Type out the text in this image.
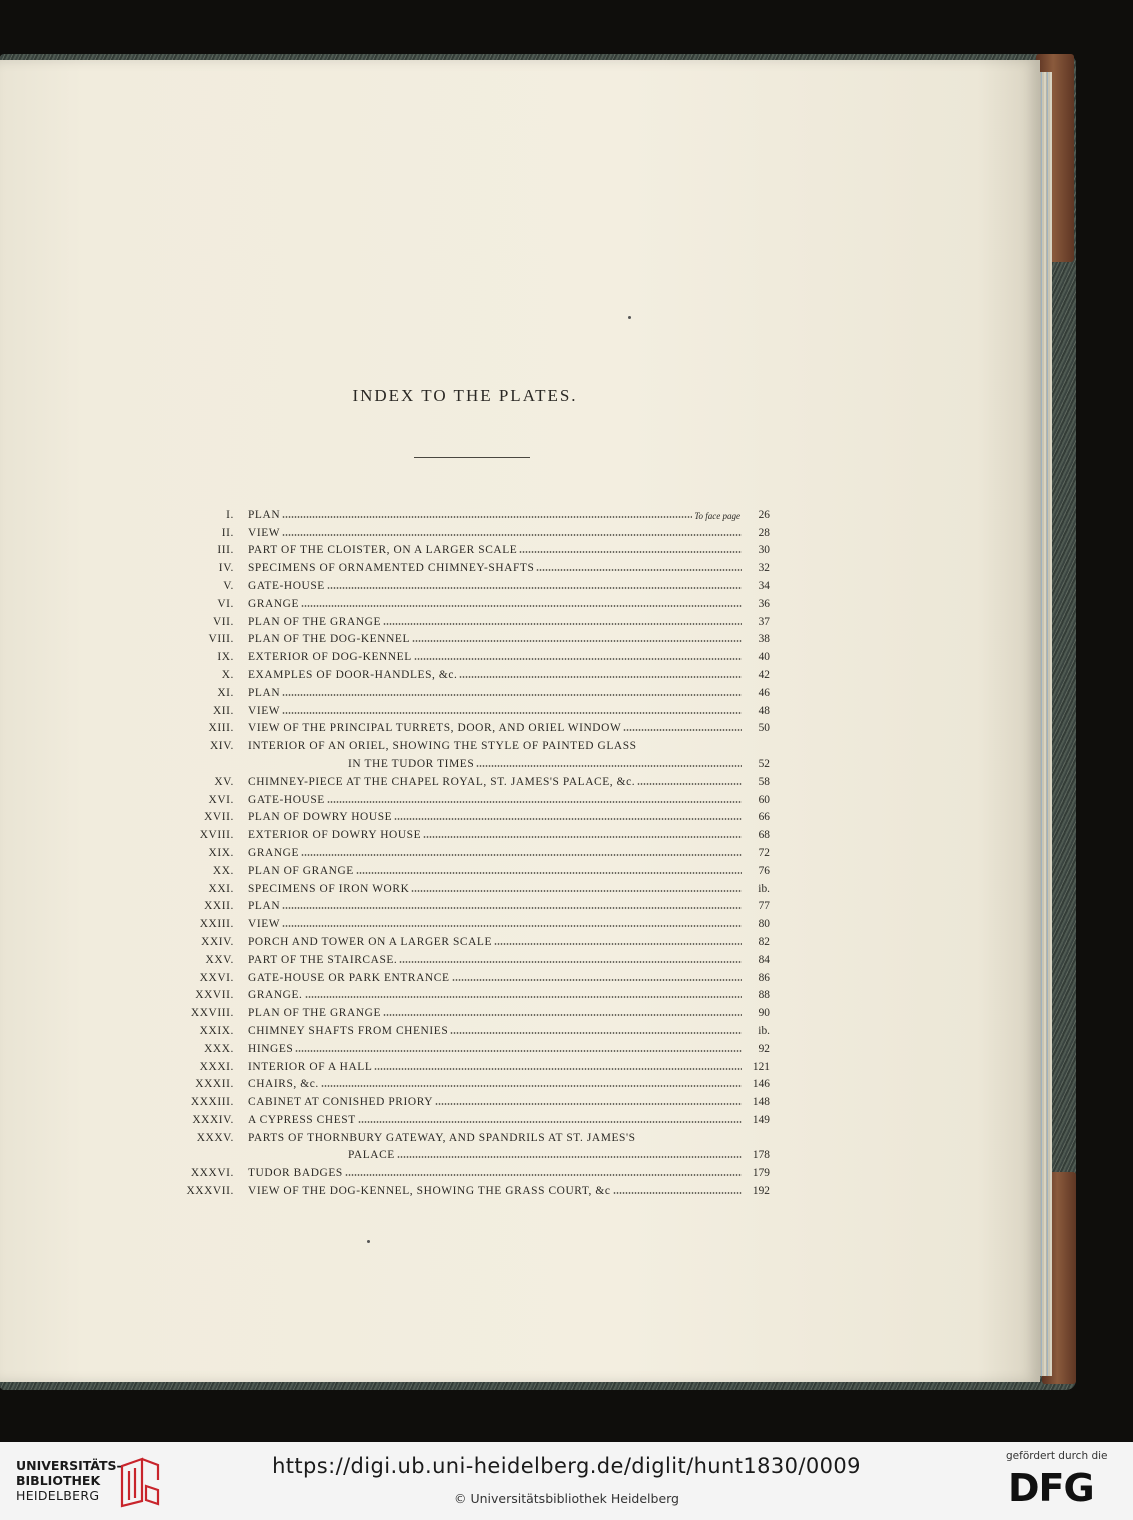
INDEX TO THE PLATES.
I.	PLAN	To face page	26
II.	VIEW	28
III.	PART OF THE CLOISTER, ON A LARGER SCALE	30
IV.	SPECIMENS OF ORNAMENTED CHIMNEY-SHAFTS	32
V.	GATE-HOUSE	34
VI.	GRANGE	36
VII.	PLAN OF THE GRANGE	37
VIII.	PLAN OF THE DOG-KENNEL	38
IX.	EXTERIOR OF DOG-KENNEL	40
X.	EXAMPLES OF DOOR-HANDLES, &c.	42
XI.	PLAN	46
XII.	VIEW	48
XIII.	VIEW OF THE PRINCIPAL TURRETS, DOOR, AND ORIEL WINDOW	50
XIV.	INTERIOR OF AN ORIEL, SHOWING THE STYLE OF PAINTED GLASS
IN THE TUDOR TIMES	52
XV.	CHIMNEY-PIECE AT THE CHAPEL ROYAL, ST. JAMES'S PALACE, &c.	58
XVI.	GATE-HOUSE	60
XVII.	PLAN OF DOWRY HOUSE	66
XVIII.	EXTERIOR OF DOWRY HOUSE	68
XIX.	GRANGE	72
XX.	PLAN OF GRANGE	76
XXI.	SPECIMENS OF IRON WORK	ib.
XXII.	PLAN	77
XXIII.	VIEW	80
XXIV.	PORCH AND TOWER ON A LARGER SCALE	82
XXV.	PART OF THE STAIRCASE.	84
XXVI.	GATE-HOUSE OR PARK ENTRANCE	86
XXVII.	GRANGE.	88
XXVIII.	PLAN OF THE GRANGE	90
XXIX.	CHIMNEY SHAFTS FROM CHENIES	ib.
XXX.	HINGES	92
XXXI.	INTERIOR OF A HALL	121
XXXII.	CHAIRS, &c.	146
XXXIII.	CABINET AT CONISHED PRIORY	148
XXXIV.	A CYPRESS CHEST	149
XXXV.	PARTS OF THORNBURY GATEWAY, AND SPANDRILS AT ST. JAMES'S
PALACE	178
XXXVI.	TUDOR BADGES	179
XXXVII.	VIEW OF THE DOG-KENNEL, SHOWING THE GRASS COURT, &c	192
UNIVERSITÄTS-
BIBLIOTHEK
HEIDELBERG
https://digi.ub.uni-heidelberg.de/diglit/hunt1830/0009
© Universitätsbibliothek Heidelberg
gefördert durch die
DFG
